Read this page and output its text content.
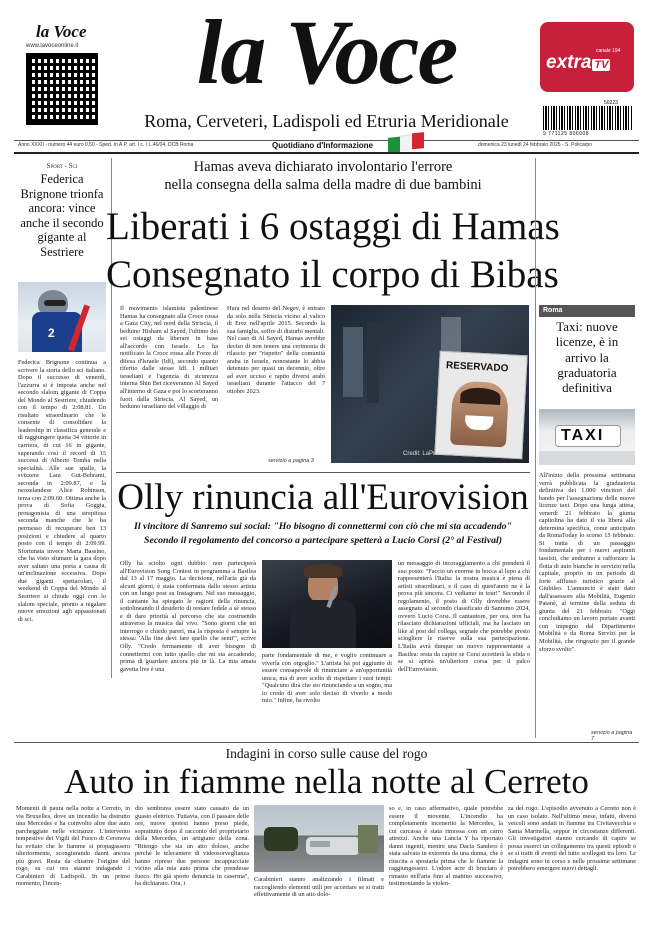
la Voce
www.lavoceonline.it	la Voce
Roma, Cerveteri, Ladispoli ed Etruria Meridionale
canale 194
extra TV
50223
9 771125 806008
Anno XXXII - numero 44 euro 0,50 - Sped. In A.P. art. I c. I L.46/04, DCB Roma	Quotidiano d'Informazione	domenica 23 lunedì 24 febbraio 2025 - S. Policarpo
Sport - Sci
Federica Brignone trionfa ancora: vince anche il secondo gigante al Sestriere
2
Federica Brignone continua a scrivere la storia dello sci italiano. Dopo il successo di venerdì, l'azzurra si è imposta anche nel secondo slalom gigante di Coppa del Mondo al Sestriere, chiudendo con il tempo di 2:08.81. Un risultato straordinario che le consente di consolidare la leadership in classifica generale e di raggiungere quota 34 vittorie in carriera, di cui 16 in gigante, superando così il record di 15 successi di Alberto Tomba nella specialità. Alle sue spalle, la svizzera Lara Gut-Behrami, seconda in 2:09.87, e la neozelandese Alice Robinson, terza con 2:09.60. Ottima anche la prova di Sofia Goggia, protagonista di una strepitosa seconda manche che le ha permesso di recuperare ben 13 posizioni e chiudere al quarto posto con il tempo di 2:09.99. Sfortunata invece Marta Bassino, che ha visto sfumare la gara dopo aver saltato una porta a causa di un'inclinazione eccessiva. Dopo due giganti spettacolari, il weekend di Coppa del Mondo al Sestriere si chiude oggi con lo slalom speciale, pronto a regalare nuove emozioni agli appassionati di sci.
Hamas aveva dichiarato involontario l'errore
nella consegna della salma della madre di due bambini
Liberati i 6 ostaggi di Hamas
Consegnato il corpo di Bibas
Il movimento islamista palestinese Hamas ha consegnato alla Croce rossa a Gaza City, nel nord della Striscia, il beduino Hisham al Sayed, l'ultimo dei sei ostaggi da liberare in base all'accordo con Israele. Lo ha notificato la Croce rossa alle Forze di difesa d'Israele (Idf), secondo quanto riferito dalle stesse Idf. I militari israeliani e l'agenzia di sicurezza interna Shin Bet riceveranno Al Sayed all'interno di Gaza e poi lo scorteranno fuori dalla Striscia. Al Sayed, un beduino israeliano del villaggio di
Hura nel deserto del Negev, è entrato da solo nella Striscia vicino al valico di Erez nell'aprile 2015. Secondo la sua famiglia, soffre di disturbi mentali. Nel caso di Al Sayed, Hamas avrebbe deciso di non tenere una cerimonia di rilascio per "rispetto" della comunità araba in Israele, nonostante lo abbia detenuto per quasi un decennio, oltre ad aver ucciso e rapito diversi arabi israeliani durante l'attacco del 7 ottobre 2023.
RESERVADO
Credit: LaPresse
servizio a pagina 3
Roma
Taxi: nuove licenze, è in arrivo la graduatoria definitiva
TAXI
All'inizio della prossima settimana verrà pubblicata la graduatoria definitiva dei 1.000 vincitori del bando per l'assegnazione delle nuove licenze taxi. Dopo una lunga attesa, venerdì 21 febbraio la giunta capitolina ha dato il via libera alla determina specifica, come anticipato da RomaToday lo scorso 15 febbraio. Si tratta di un passaggio fondamentale per i nuovi aspiranti tassisti, che andranno a rafforzare la flotta di auto bianche in servizio nella capitale, proprio in un periodo di forte afflusso turistico grazie al Giubileo. L'annuncio è stato dato dall'assessore alla Mobilità, Eugenio Patanè, al termine della seduta di giunta del 21 febbraio: "Oggi concludiamo un lavoro portato avanti con impegno dal Dipartimento Mobilità e da Roma Servizi per la Mobilità, che ringrazio per il grande sforzo svolto".
servizio a pagina 7
Olly rinuncia all'Eurovision
Il vincitore di Sanremo sui social: "Ho bisogno di connettermi con ciò che mi sta accadendo"
Secondo il regolamento del concorso a partecipare spetterà a Lucio Corsi (2° al Festival)
Olly ha sciolto ogni dubbio: non parteciperà all'Eurovision Song Contest in programma a Basilea dal 13 al 17 maggio. La decisione, nell'aria già da alcuni giorni, è stata confermata dallo stesso artista con un lungo post su Instagram. Nel suo messaggio, il cantante ha spiegato le ragioni della rinuncia, sottolineando il desiderio di restare fedele a sé stesso e di dare priorità al percorso che sta costruendo attraverso la musica dal vivo. "Sono giorni che mi interrogo e chiedo pareri, ma la risposta è sempre la stessa: 'Alla fine devi fare quello che senti'", scrive Olly. "Credo fermamente di aver bisogno di connettermi con tutto quello che mi sta accadendo, prima di guardare ancora più in là. La mia amata gavetta live è una
parte fondamentale di me, e voglio continuare a viverla con orgoglio." L'artista ha poi aggiunto di essere consapevole di rinunciare a un'opportunità unica, ma di aver scelto di rispettare i suoi tempi: "Qualcuno dirà che sto rinunciando a un sogno, ma io credo di aver solo deciso di viverlo a modo mio." Infine, ha rivolto
un messaggio di incoraggiamento a chi prenderà il suo posto: "Faccio un enorme in bocca al lupo a chi rappresenterà l'Italia: la nostra musica è piena di artisti straordinari, e il caso di quest'anno ne è la prova più sincera. Ci vediamo in tour!" Secondo il regolamento, il posto di Olly dovrebbe essere assegnato al secondo classificato di Sanremo 2024, ovvero Lucio Corsi. Il cantautore, per ora, non ha rilasciato dichiarazioni ufficiali, ma ha lasciato un like al post del collega, segnale che potrebbe presto sciogliere le riserve sulla sua partecipazione. L'Italia avrà dunque un nuovo rappresentante a Basilea: resta da capire se Corsi accetterà la sfida o se si aprirà un'ulteriore corsa per il palco dell'Eurovision.
Indagini in corso sulle cause del rogo
Auto in fiamme nella notte al Cerreto
Momenti di paura nella notte a Cerreto, in via Bruxelles, dove un incendio ha distrutto una Mercedes e ha coinvolto altre due auto parcheggiate nelle vicinanze. L'intervento tempestivo dei Vigili del Fuoco di Cerenova ha evitato che le fiamme si propagassero ulteriormente, scongiurando danni ancora più gravi. Resta da chiarire l'origine del rogo, su cui ora stanno indagando i Carabinieri di Ladispoli. In un primo momento, l'incen-
dio sembrava essere stato causato da un guasto elettrico. Tuttavia, con il passare delle ore, nuove ipotesi hanno preso piede, soprattutto dopo il racconto del proprietario della Mercedes, un artigiano della zona. "Ritengo che sia un atto doloso, anche perché le telecamere di videosorveglianza hanno ripreso due persone incappucciate vicino alla mia auto prima che prendesse fuoco. Ho già sporto denuncia in caserma", ha dichiarato. Ora, i
Carabinieri stanno analizzando i filmati e raccogliendo elementi utili per accertare se si tratti effettivamente di un atto dolo-
so e, in caso affermativo, quale potrebbe essere il movente. L'incendio ha completamente incenerito la Mercedes, la cui carcassa è stata rimossa con un carro attrezzi. Anche una Lancia Y ha riportato danni ingenti, mentre una Dacia Sandero è stata salvata in extremis da una donna, che è riuscita a spostarla prima che le fiamme la raggiungessero. L'odore acre di bruciato è rimasto nell'aria fino al mattino successivo, testimoniando la violen-
za del rogo. L'episodio avvenuto a Cerreto non è un caso isolato. Nell'ultimo mese, infatti, diversi veicoli sono andati in fiamme tra Civitavecchia e Santa Marinella, seppur in circostanze differenti. Gli investigatori stanno cercando di capire se possa esserci un collegamento tra questi episodi o se si tratti di eventi del tutto scollegati tra loro. Le indagini sono in corso e nelle prossime settimane potrebbero emergere nuovi dettagli.
